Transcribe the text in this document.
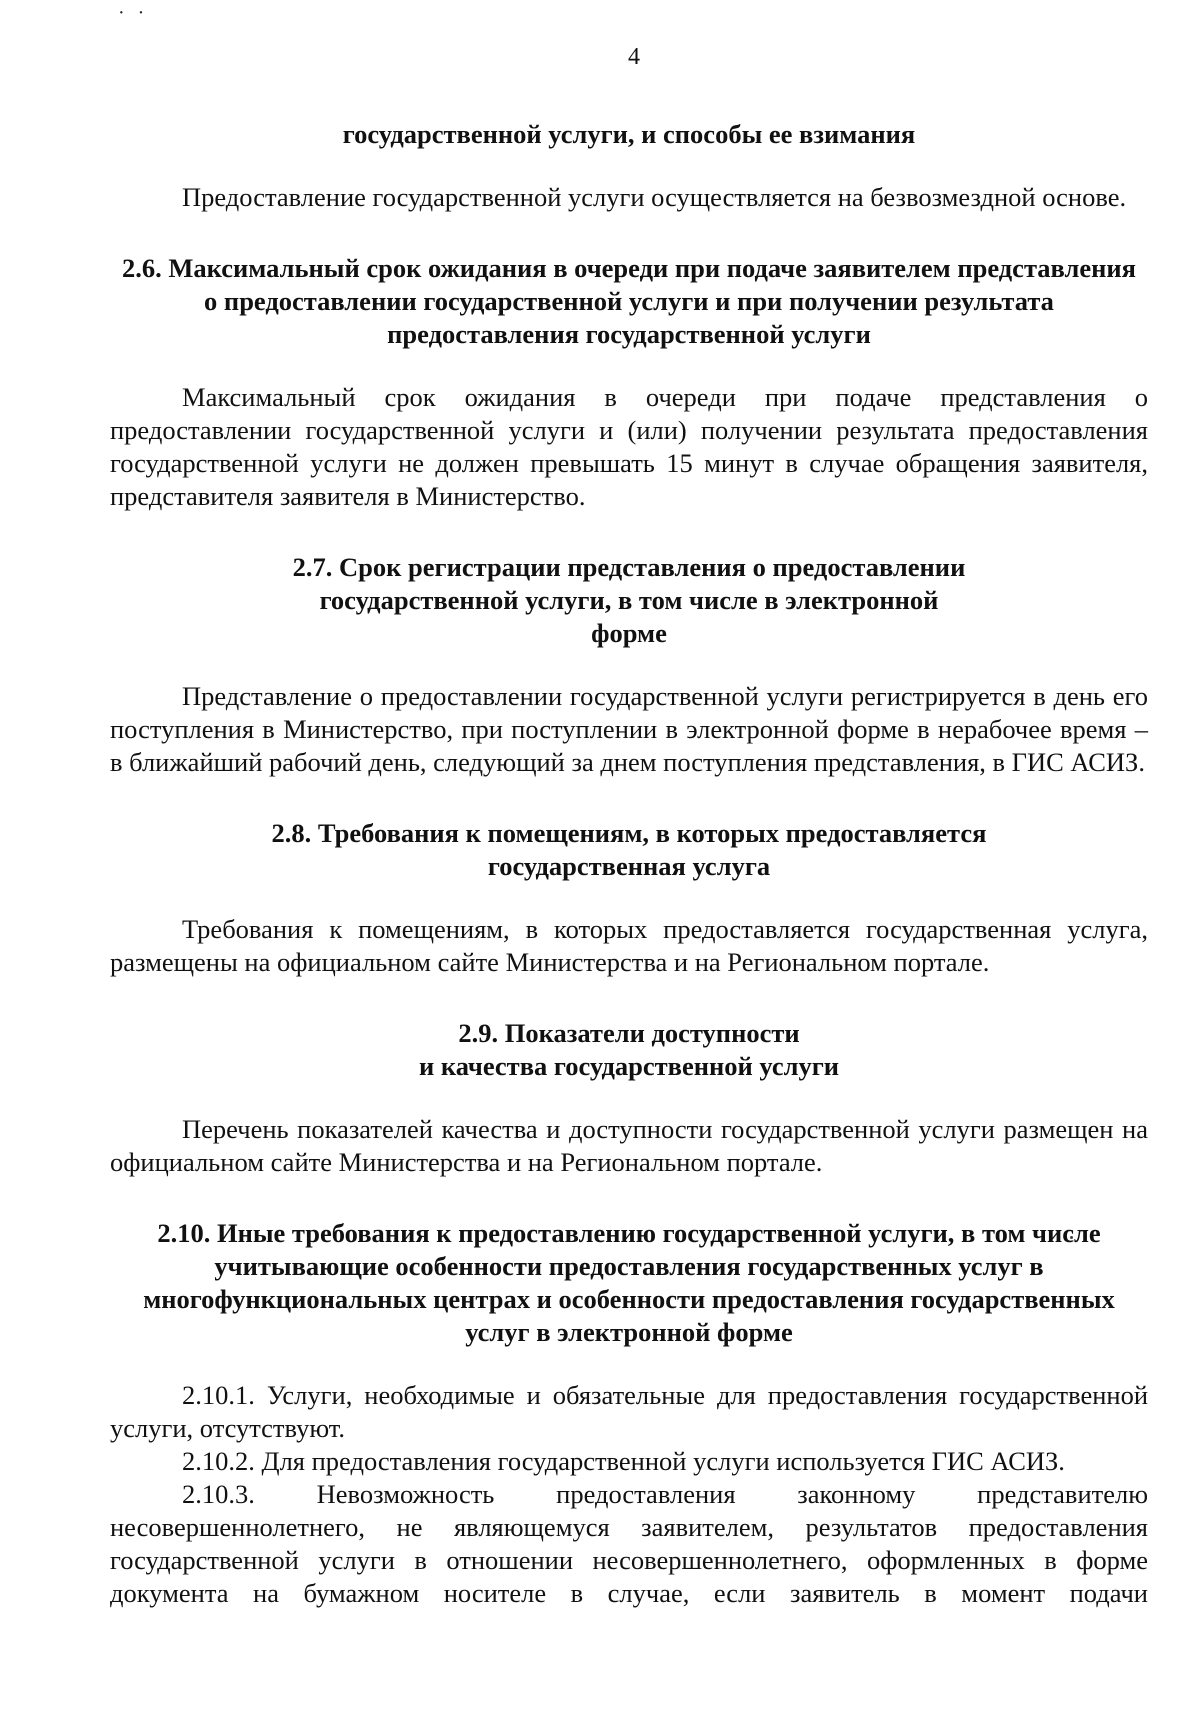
· ·
4

государственной услуги, и способы ее взимания

Предоставление государственной услуги осуществляется на безвозмездной основе.

2.6. Максимальный срок ожидания в очереди при подаче заявителем представления о предоставлении государственной услуги и при получении результата предоставления государственной услуги

Максимальный срок ожидания в очереди при подаче представления о предоставлении государственной услуги и (или) получении результата предоставления государственной услуги не должен превышать 15 минут в случае обращения заявителя, представителя заявителя в Министерство.

2.7. Срок регистрации представления о предоставлении государственной услуги, в том числе в электронной форме

Представление о предоставлении государственной услуги регистрируется в день его поступления в Министерство, при поступлении в электронной форме в нерабочее время – в ближайший рабочий день, следующий за днем поступления представления, в ГИС АСИЗ.

2.8. Требования к помещениям, в которых предоставляется государственная услуга

Требования к помещениям, в которых предоставляется государственная услуга, размещены на официальном сайте Министерства и на Региональном портале.

2.9. Показатели доступности

и качества государственной услуги

Перечень показателей качества и доступности государственной услуги размещен на официальном сайте Министерства и на Региональном портале.

2.10. Иные требования к предоставлению государственной услуги, в том числе учитывающие особенности предоставления государственных услуг в многофункциональных центрах и особенности предоставления государственных услуг в электронной форме

2.10.1. Услуги, необходимые и обязательные для предоставления государственной услуги, отсутствуют.

2.10.2. Для предоставления государственной услуги используется ГИС АСИЗ.

2.10.3. Невозможность предоставления законному представителю несовершеннолетнего, не являющемуся заявителем, результатов предоставления государственной услуги в отношении несовершеннолетнего, оформленных в форме документа на бумажном носителе в случае, если заявитель в момент подачи
